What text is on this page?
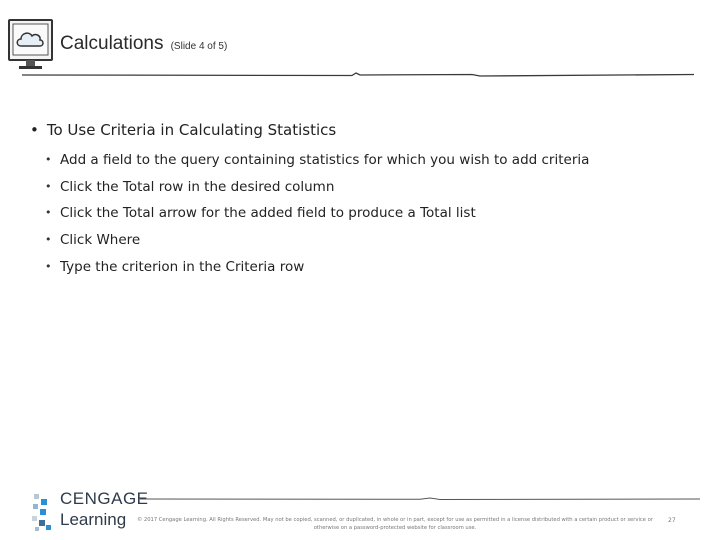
Calculations (Slide 4 of 5)
• To Use Criteria in Calculating Statistics
• Add a field to the query containing statistics for which you wish to add criteria
• Click the Total row in the desired column
• Click the Total arrow for the added field to produce a Total list
• Click Where
• Type the criterion in the Criteria row
CENGAGE
Learning	© 2017 Cengage Learning. All Rights Reserved. May not be copied, scanned, or duplicated, in whole or in part, except for use as permitted in a license distributed with a certain product or service or otherwise on a password-protected website for classroom use.
27
